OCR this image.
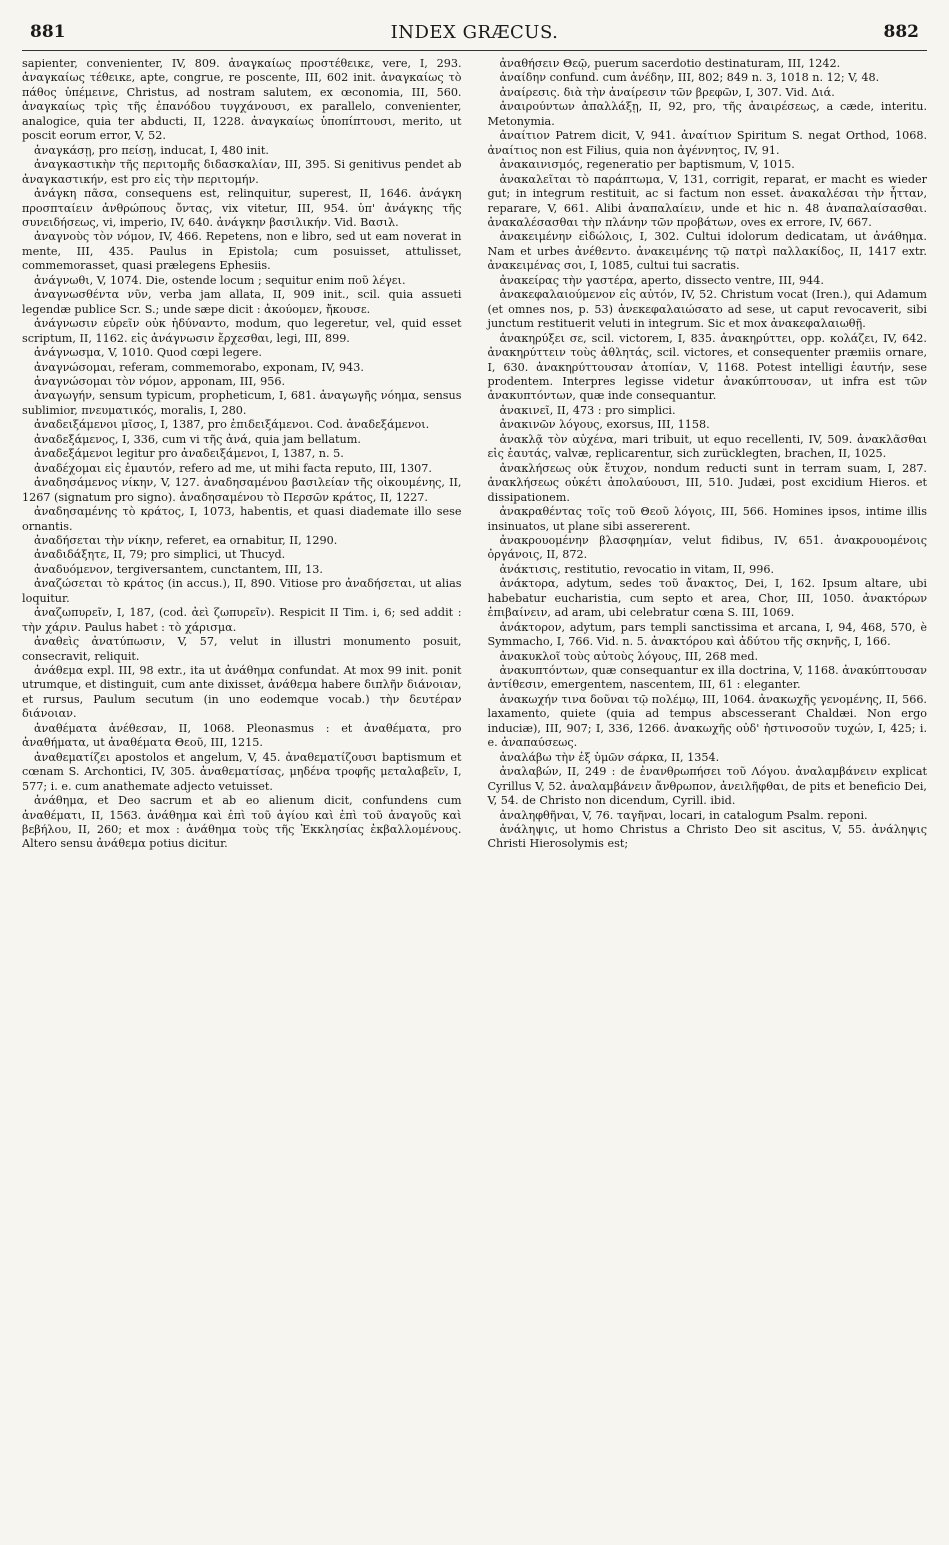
881	INDEX GRÆCUS.	882

sapienter, convenienter, IV, 809. ἀναγκαίως προστέθεικε, vere, I, 293. ἀναγκαίως τέθεικε, apte, congrue, re poscente, III, 602 init. ἀναγκαίως τὸ πάθος ὑπέμεινε, Christus, ad nostram salutem, ex œconomia, III, 560. ἀναγκαίως τρὶς τῆς ἐπανόδου τυγχάνουσι, ex parallelo, convenienter, analogice, quia ter abducti, II, 1228. ἀναγκαίως ὑποπίπτουσι, merito, ut poscit eorum error, V, 52.

ἀναγκάσῃ, pro πείσῃ, inducat, I, 480 init.

ἀναγκαστικὴν τῆς περιτομῆς διδασκαλίαν, III, 395. Si genitivus pendet ab ἀναγκαστικήν, est pro εἰς τὴν περιτομήν.

ἀνάγκη πᾶσα, consequens est, relinquitur, superest, II, 1646. ἀνάγκη προσπταίειν ἀνθρώπους ὄντας, vix vitetur, III, 954. ὑπ' ἀνάγκης τῆς συνειδήσεως, vi, imperio, IV, 640. ἀνάγκην βασιλικήν. Vid. Βασιλ.

ἀναγνοὺς τὸν νόμον, IV, 466. Repetens, non e libro, sed ut eam noverat in mente, III, 435. Paulus in Epistola; cum posuisset, attulisset, commemorasset, quasi prælegens Ephesiis.

ἀνάγνωθι, V, 1074. Die, ostende locum ; sequitur enim ποῦ λέγει.

ἀναγνωσθέντα νῦν, verba jam allata, II, 909 init., scil. quia assueti legendæ publice Scr. S.; unde sæpe dicit : ἀκούομεν, ἤκουσε.

ἀνάγνωσιν εὑρεῖν οὐκ ἠδύναντο, modum, quo legeretur, vel, quid esset scriptum, II, 1162. εἰς ἀνάγνωσιν ἔρχεσθαι, legi, III, 899.

ἀνάγνωσμα, V, 1010. Quod cœpi legere.

ἀναγνώσομαι, referam, commemorabo, exponam, IV, 943.

ἀναγνώσομαι τὸν νόμον, apponam, III, 956.

ἀναγωγήν, sensum typicum, propheticum, I, 681. ἀναγωγῆς νόημα, sensus sublimior, πνευματικός, moralis, I, 280.

ἀναδειξάμενοι μῖσος, I, 1387, pro ἐπιδειξάμενοι. Cod. ἀναδεξάμενοι.

ἀναδεξάμενος, I, 336, cum vi τῆς ἀνά, quia jam bellatum.

ἀναδεξάμενοι legitur pro ἀναδειξάμενοι, I, 1387, n. 5.

ἀναδέχομαι εἰς ἐμαυτόν, refero ad me, ut mihi facta reputo, III, 1307.

ἀναδησάμενος νίκην, V, 127. ἀναδησαμένου βασιλείαν τῆς οἰκουμένης, II, 1267 (signatum pro signo). ἀναδησαμένου τὸ Περσῶν κράτος, II, 1227.

ἀναδησαμένης τὸ κράτος, I, 1073, habentis, et quasi diademate illo sese ornantis.

ἀναδήσεται τὴν νίκην, referet, ea ornabitur, II, 1290.

ἀναδιδάξητε, II, 79; pro simplici, ut Thucyd.

ἀναδυόμενον, tergiversantem, cunctantem, III, 13.

ἀναζώσεται τὸ κράτος (in accus.), II, 890. Vitiose pro ἀναδήσεται, ut alias loquitur.

ἀναζωπυρεῖν, I, 187, (cod. ἀεὶ ζωπυρεῖν). Respicit II Tim. i, 6; sed addit : τὴν χάριν. Paulus habet : τὸ χάρισμα.

ἀναθεὶς ἀνατύπωσιν, V, 57, velut in illustri monumento posuit, consecravit, reliquit.

ἀνάθεμα expl. III, 98 extr., ita ut ἀνάθημα confundat. At mox 99 init. ponit utrumque, et distinguit, cum ante dixisset, ἀνάθεμα habere διπλῆν διάνοιαν, et rursus, Paulum secutum (in uno eodemque vocab.) τὴν δευτέραν διάνοιαν.

ἀναθέματα ἀνέθεσαν, II, 1068. Pleonasmus : et ἀναθέματα, pro ἀναθήματα, ut ἀναθέματα Θεοῦ, III, 1215.

ἀναθεματίζει apostolos et angelum, V, 45. ἀναθεματίζουσι baptismum et cœnam S. Archontici, IV, 305. ἀναθεματίσας, μηδένα τροφῆς μεταλαβεῖν, I, 577; i. e. cum anathemate adjecto vetuisset.

ἀνάθημα, et Deo sacrum et ab eo alienum dicit, confundens cum ἀναθέματι, II, 1563. ἀνάθημα καὶ ἐπὶ τοῦ ἁγίου καὶ ἐπὶ τοῦ ἀναγοῦς καὶ βεβήλου, II, 260; et mox : ἀνάθημα τοὺς τῆς Ἐκκλησίας ἐκβαλλομένους. Altero sensu ἀνάθεμα potius dicitur.

ἀναθήσειν Θεῷ, puerum sacerdotio destinaturam, III, 1242.

ἀναίδην confund. cum ἀνέδην, III, 802; 849 n. 3, 1018 n. 12; V, 48.

ἀναίρεσις. διὰ τὴν ἀναίρεσιν τῶν βρεφῶν, I, 307. Vid. Διά.

ἀναιρούντων ἀπαλλάξῃ, II, 92, pro, τῆς ἀναιρέσεως, a cæde, interitu. Metonymia.

ἀναίτιον Patrem dicit, V, 941. ἀναίτιον Spiritum S. negat Orthod, 1068. ἀναίτιος non est Filius, quia non ἀγέννητος, IV, 91.

ἀνακαινισμός, regeneratio per baptismum, V, 1015.

ἀνακαλεῖται τὸ παράπτωμα, V, 131, corrigit, reparat, er macht es wieder gut; in integrum restituit, ac si factum non esset. ἀνακαλέσαι τὴν ἧτταν, reparare, V, 661. Alibi ἀναπαλαίειν, unde et hic n. 48 ἀναπαλαίσασθαι. ἀνακαλέσασθαι τὴν πλάνην τῶν προβάτων, oves ex errore, IV, 667.

ἀνακειμένην εἰδώλοις, I, 302. Cultui idolorum dedicatam, ut ἀνάθημα. Nam et urbes ἀνέθεντο. ἀνακειμένης τῷ πατρὶ παλλακίδος, II, 1417 extr. ἀνακειμένας σοι, I, 1085, cultui tui sacratis.

ἀνακείρας τὴν γαστέρα, aperto, dissecto ventre, III, 944.

ἀνακεφαλαιούμενον εἰς αὐτόν, IV, 52. Christum vocat (Iren.), qui Adamum (et omnes nos, p. 53) ἀνεκεφαλαιώσατο ad sese, ut caput revocaverit, sibi junctum restituerit veluti in integrum. Sic et mox ἀνακεφαλαιωθῇ.

ἀνακηρύξει σε, scil. victorem, I, 835. ἀνακηρύττει, opp. κολάζει, IV, 642. ἀνακηρύττειν τοὺς ἀθλητάς, scil. victores, et consequenter præmiis ornare, I, 630. ἀνακηρύττουσαν ἀτοπίαν, V, 1168. Potest intelligi ἑαυτήν, sese prodentem. Interpres legisse videtur ἀνακύπτουσαν, ut infra est τῶν ἀνακυπτόντων, quæ inde consequantur.

ἀνακινεῖ, II, 473 : pro simplici.

ἀνακινῶν λόγους, exorsus, III, 1158.

ἀνακλᾷ τὸν αὐχένα, mari tribuit, ut equo recellenti, IV, 509. ἀνακλᾶσθαι εἰς ἑαυτάς, valvæ, replicarentur, sich zurücklegten, brachen, II, 1025.

ἀνακλήσεως οὐκ ἔτυχον, nondum reducti sunt in terram suam, I, 287. ἀνακλήσεως οὐκέτι ἀπολαύουσι, III, 510. Judæi, post excidium Hieros. et dissipationem.

ἀνακραθέντας τοῖς τοῦ Θεοῦ λόγοις, III, 566. Homines ipsos, intime illis insinuatos, ut plane sibi assererent.

ἀνακρουομένην βλασφημίαν, velut fidibus, IV, 651. ἀνακρουομένοις ὀργάνοις, II, 872.

ἀνάκτισις, restitutio, revocatio in vitam, II, 996.

ἀνάκτορα, adytum, sedes τοῦ ἄνακτος, Dei, I, 162. Ipsum altare, ubi habebatur eucharistia, cum septo et area, Chor, III, 1050. ἀνακτόρων ἐπιβαίνειν, ad aram, ubi celebratur cœna S. III, 1069.

ἀνάκτορον, adytum, pars templi sanctissima et arcana, I, 94, 468, 570, è Symmacho, I, 766. Vid. n. 5. ἀνακτόρου καὶ ἀδύτου τῆς σκηνῆς, I, 166.

ἀνακυκλοῖ τοὺς αὐτοὺς λόγους, III, 268 med.

ἀνακυπτόντων, quæ consequantur ex illa doctrina, V, 1168. ἀνακύπτουσαν ἀντίθεσιν, emergentem, nascentem, III, 61 : eleganter.

ἀνακωχήν τινα δοῦναι τῷ πολέμῳ, III, 1064. ἀνακωχῆς γενομένης, II, 566. laxamento, quiete (quia ad tempus abscesserant Chaldæi. Non ergo induciæ), III, 907; I, 336, 1266. ἀνακωχῆς οὐδ' ἡστινοσοῦν τυχών, I, 425; i. e. ἀναπαύσεως.

ἀναλάβω τὴν ἐξ ὑμῶν σάρκα, II, 1354.

ἀναλαβών, II, 249 : de ἐνανθρωπήσει τοῦ Λόγου. ἀναλαμβάνειν explicat Cyrillus V, 52. ἀναλαμβάνειν ἄνθρωπον, ἀνειλῆφθαι, de pits et beneficio Dei, V, 54. de Christo non dicendum, Cyrill. ibid.

ἀναληφθῆναι, V, 76. ταγῆναι, locari, in catalogum Psalm. reponi.

ἀνάληψις, ut homo Christus a Christo Deo sit ascitus, V, 55. ἀνάληψις Christi Hierosolymis est;
